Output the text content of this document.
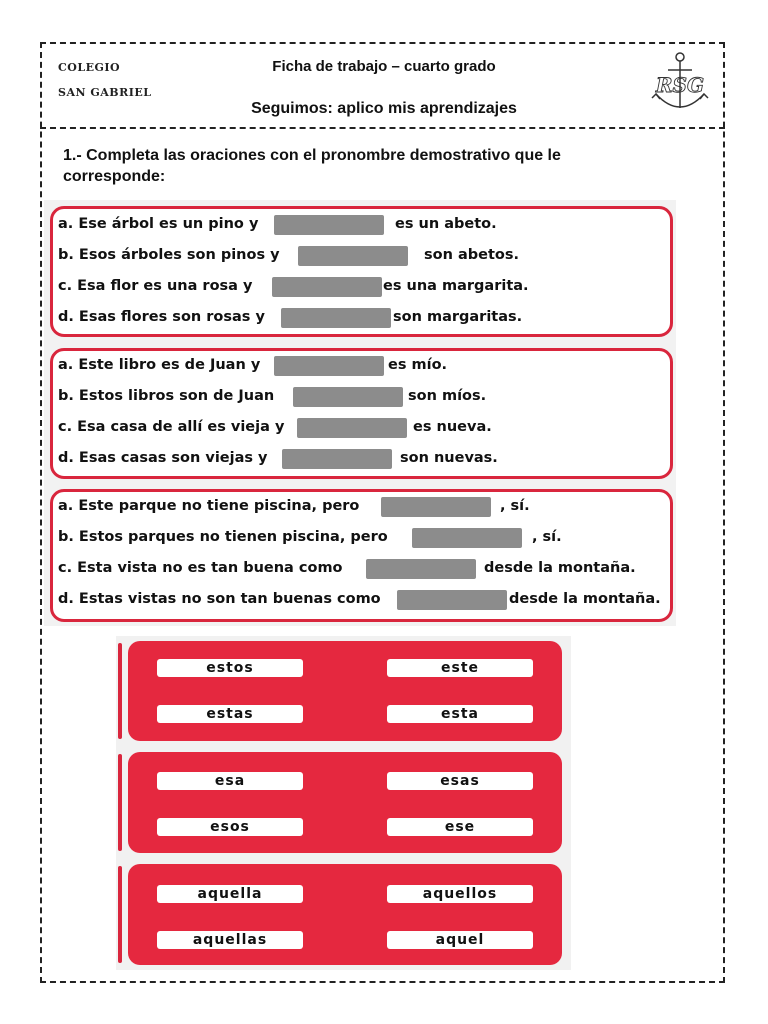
COLEGIO
SAN GABRIEL
Ficha de trabajo – cuarto grado
Seguimos: aplico mis aprendizajes
RSG
1.- Completa las oraciones con el pronombre demostrativo que le corresponde:
a. Ese árbol es un pino y	es un abeto.
b. Esos árboles son pinos y	son abetos.
c. Esa flor es una rosa y	es una margarita.
d. Esas flores son rosas y	son margaritas.
a. Este libro es de Juan y	es mío.
b. Estos libros son de Juan	son míos.
c. Esa casa de allí es vieja y	es nueva.
d. Esas casas son viejas y	son nuevas.
a. Este parque no tiene piscina, pero	, sí.
b. Estos parques no tienen piscina, pero	, sí.
c. Esta vista no es tan buena como	desde la montaña.
d. Estas vistas no son tan buenas como	desde la montaña.
estos	este
estas	esta
esa	esas
esos	ese
aquella	aquellos
aquellas	aquel
